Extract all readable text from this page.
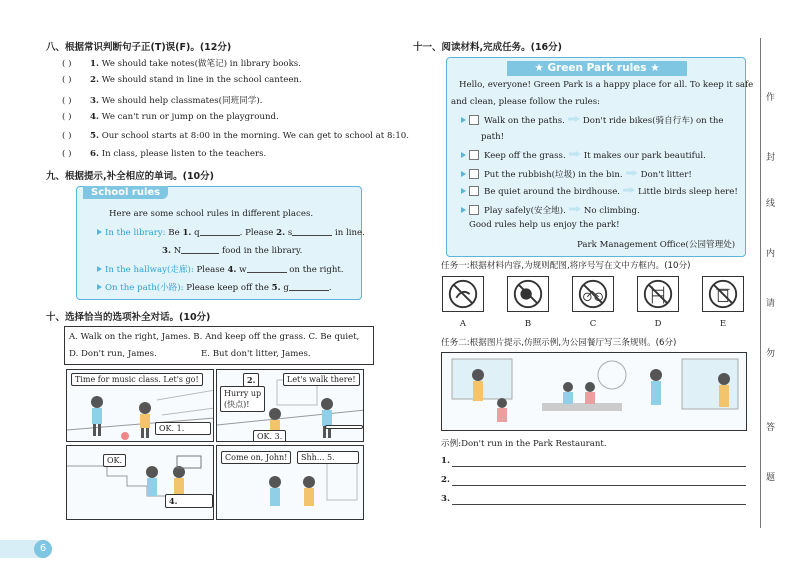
八、根据常识判断句子正(T)误(F)。(12分)
( ) 1. We should take notes(做笔记) in library books.
( ) 2. We should stand in line in the school canteen.
( ) 3. We should help classmates(同班同学).
( ) 4. We can't run or jump on the playground.
( ) 5. Our school starts at 8:00 in the morning. We can get to school at 8:10.
( ) 6. In class, please listen to the teachers.
九、根据提示,补全相应的单词。(10分)
School rules
Here are some school rules in different places.
In the library: Be 1. q	. Please 2. s	in line.
3. N	food in the library.
In the hallway(走廊): Please 4. w	on the right.
On the path(小路): Please keep off the 5. g	.
十、选择恰当的选项补全对话。(10分)
A. Walk on the right, James. B. And keep off the grass. C. Be quiet,
D. Don't run, James.	E. But don't litter, James.
Time for music class. Let's go!
OK. 1.
2.	Let's walk there!
Hurry up
(快点)!
OK. 3.
OK.
4.
Come on, John!	Shh... 5.
6
十一、阅读材料,完成任务。(16分)
★ Green Park rules ★
Hello, everyone! Green Park is a happy place for all. To keep it safe
and clean, please follow the rules:
Walk on the paths. Don't ride bikes(骑自行车) on the
path!
Keep off the grass. It makes our park beautiful.
Put the rubbish(垃圾) in the bin. Don't litter!
Be quiet around the birdhouse. Little birds sleep here!
Play safely(安全地). No climbing.
Good rules help us enjoy the park!
Park Management Office(公园管理处)
任务一:根据材料内容,为规则配图,将序号写在文中方框内。(10分)
A	B	C	D	E
任务二:根据图片提示,仿照示例,为公园餐厅写三条规则。(6分)
示例:Don't run in the Park Restaurant.
1.
2.
3.
作
封
线
内
请
勿
答
题
